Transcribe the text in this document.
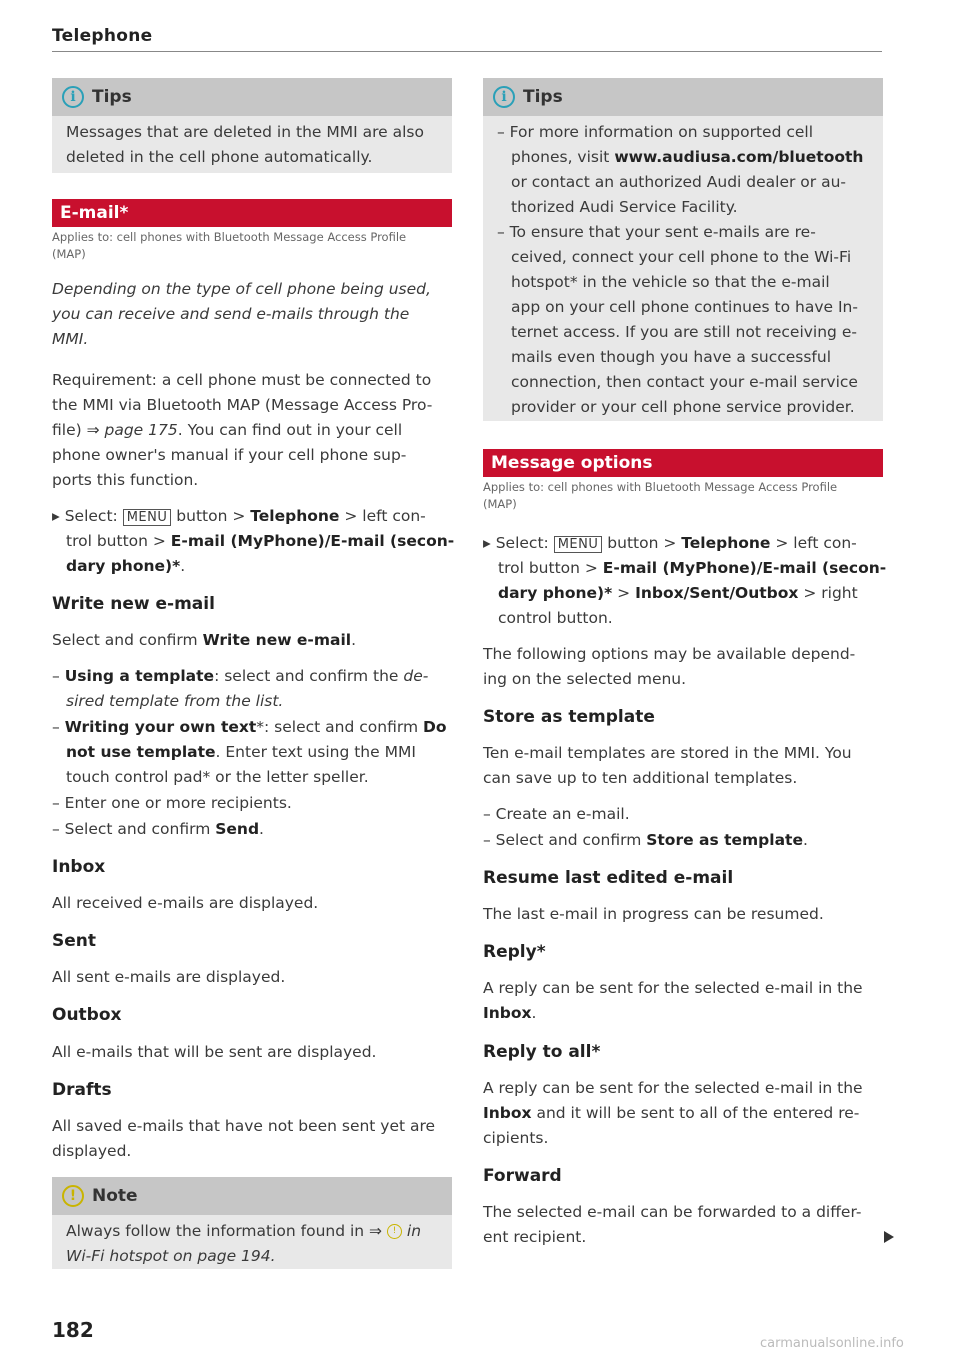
Telephone
i Tips
Messages that are deleted in the MMI are also
deleted in the cell phone automatically.
E-mail*
Applies to: cell phones with Bluetooth Message Access Profile
(MAP)
Depending on the type of cell phone being used,
you can receive and send e-mails through the
MMI.
Requirement: a cell phone must be connected to
the MMI via Bluetooth MAP (Message Access Pro-
file) ⇒ page 175. You can find out in your cell
phone owner's manual if your cell phone sup-
ports this function.
▸ Select: MENU button > Telephone > left con-
trol button > E-mail (MyPhone)/E-mail (secon-
dary phone)*.
Write new e-mail
Select and confirm Write new e-mail.
– Using a template: select and confirm the de-
sired template from the list.
– Writing your own text*: select and confirm Do
not use template. Enter text using the MMI
touch control pad* or the letter speller.
– Enter one or more recipients.
– Select and confirm Send.
Inbox
All received e-mails are displayed.
Sent
All sent e-mails are displayed.
Outbox
All e-mails that will be sent are displayed.
Drafts
All saved e-mails that have not been sent yet are
displayed.
! Note
Always follow the information found in ⇒ ! in
Wi-Fi hotspot on page 194.
182
i Tips
– For more information on supported cell
phones, visit www.audiusa.com/bluetooth
or contact an authorized Audi dealer or au-
thorized Audi Service Facility.
– To ensure that your sent e-mails are re-
ceived, connect your cell phone to the Wi-Fi
hotspot* in the vehicle so that the e-mail
app on your cell phone continues to have In-
ternet access. If you are still not receiving e-
mails even though you have a successful
connection, then contact your e-mail service
provider or your cell phone service provider.
Message options
Applies to: cell phones with Bluetooth Message Access Profile
(MAP)
▸ Select: MENU button > Telephone > left con-
trol button > E-mail (MyPhone)/E-mail (secon-
dary phone)* > Inbox/Sent/Outbox > right
control button.
The following options may be available depend-
ing on the selected menu.
Store as template
Ten e-mail templates are stored in the MMI. You
can save up to ten additional templates.
– Create an e-mail.
– Select and confirm Store as template.
Resume last edited e-mail
The last e-mail in progress can be resumed.
Reply*
A reply can be sent for the selected e-mail in the
Inbox.
Reply to all*
A reply can be sent for the selected e-mail in the
Inbox and it will be sent to all of the entered re-
cipients.
Forward
The selected e-mail can be forwarded to a differ-
ent recipient.
carmanualsonline.info
